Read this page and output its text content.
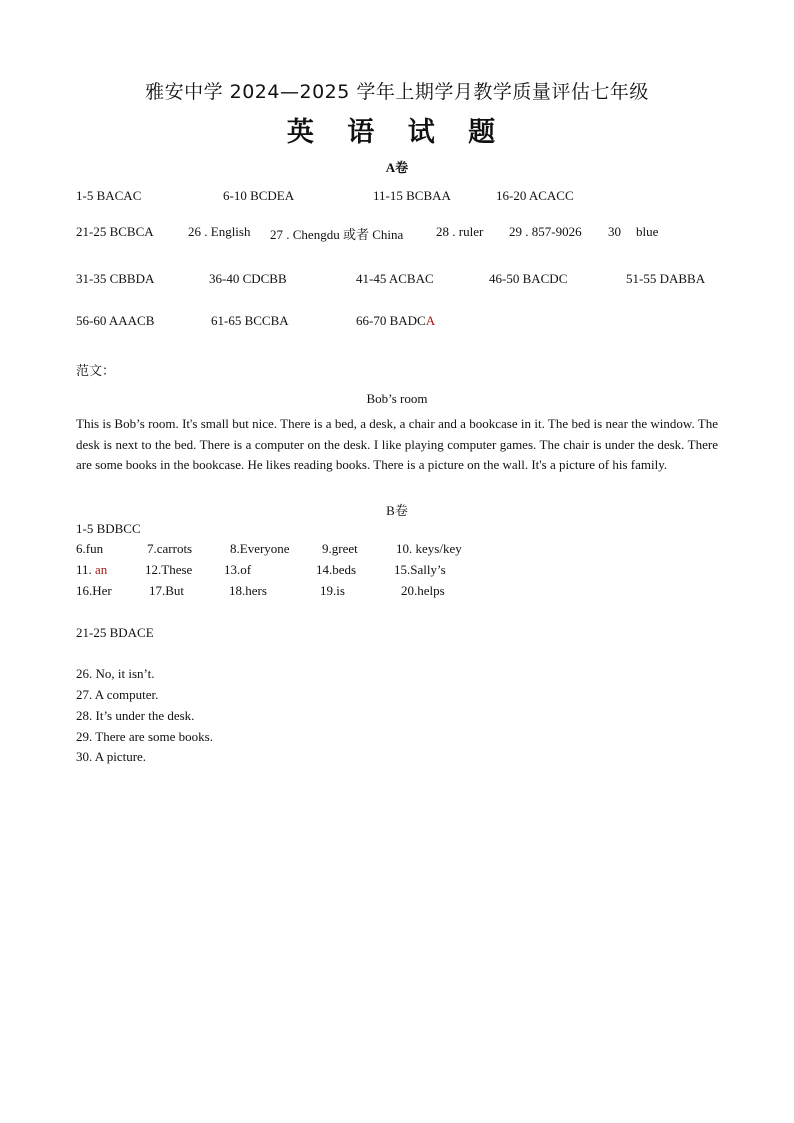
雅安中学 2024—2025 学年上期学月教学质量评估七年级
英 语 试 题
A卷
1-5 BACAC	6-10 BCDEA	11-15 BCBAA	16-20 ACACC
21-25 BCBCA	26 . English 27 . Chengdu 或者 China	28 . ruler 29 . 857-9026 30 blue
31-35 CBBDA	36-40 CDCBB	41-45 ACBAC	46-50 BACDC	51-55 DABBA
56-60 AAACB	61-65 BCCBA	66-70 BADCA
范文：
Bob’s room
This is Bob’s room. It's small but nice. There is a bed, a desk, a chair and a bookcase in it. The bed is near the window. The desk is next to the bed. There is a computer on the desk. I like playing computer games. The chair is under the desk. There are some books in the bookcase. He likes reading books. There is a picture on the wall. It's a picture of his family.
B卷
1-5 BDBCC
6.fun	7.carrots	8.Everyone 9.greet	10. keys/key
11. an	12.These 13.of	14.beds	15.Sally’s
16.Her	17.But	18.hers	19.is	20.helps
21-25 BDACE
26. No, it isn’t.
27. A computer.
28. It’s under the desk.
29. There are some books.
30. A picture.
